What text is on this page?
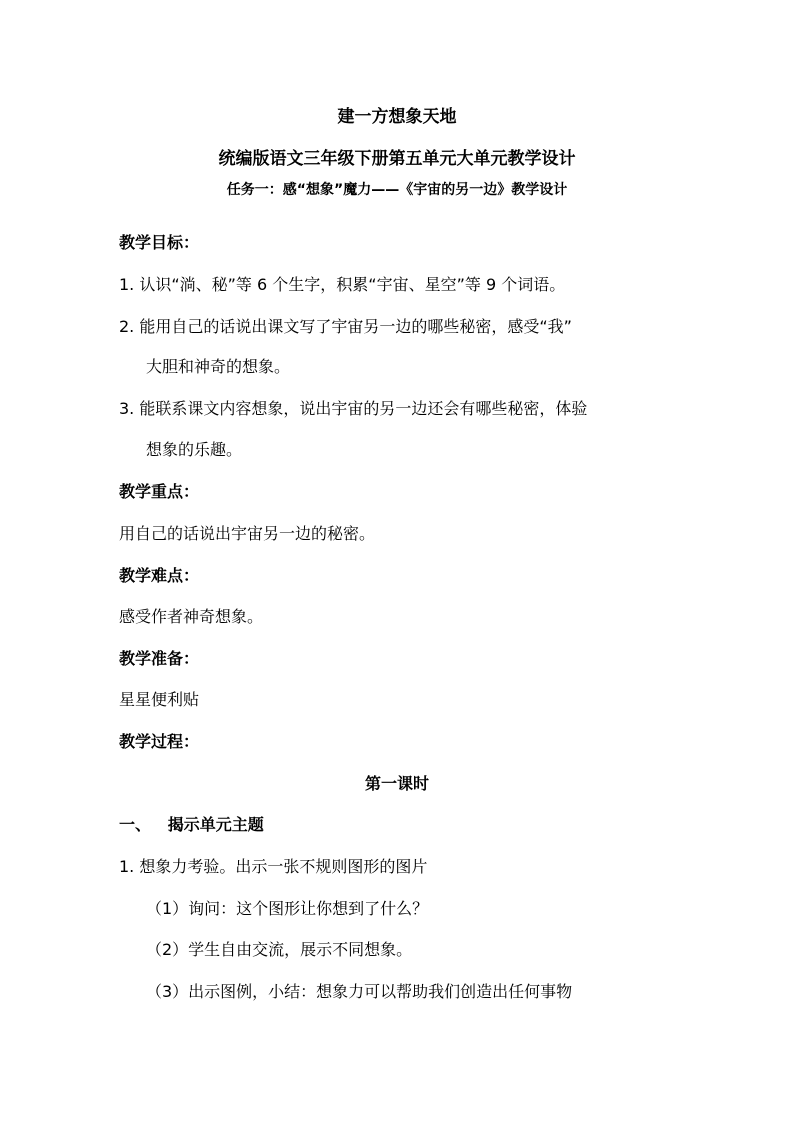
建一方想象天地
统编版语文三年级下册第五单元大单元教学设计
任务一：感“想象”魔力——《宇宙的另一边》教学设计
教学目标：
1. 认识“淌、秘”等 6 个生字，积累“宇宙、星空”等 9 个词语。
2. 能用自己的话说出课文写了宇宙另一边的哪些秘密，感受“我”
大胆和神奇的想象。
3. 能联系课文内容想象，说出宇宙的另一边还会有哪些秘密，体验
想象的乐趣。
教学重点：
用自己的话说出宇宙另一边的秘密。
教学难点：
感受作者神奇想象。
教学准备：
星星便利贴
教学过程：
第一课时
一、   揭示单元主题
1. 想象力考验。出示一张不规则图形的图片
（1）询问：这个图形让你想到了什么？
（2）学生自由交流，展示不同想象。
（3）出示图例，小结：想象力可以帮助我们创造出任何事物
